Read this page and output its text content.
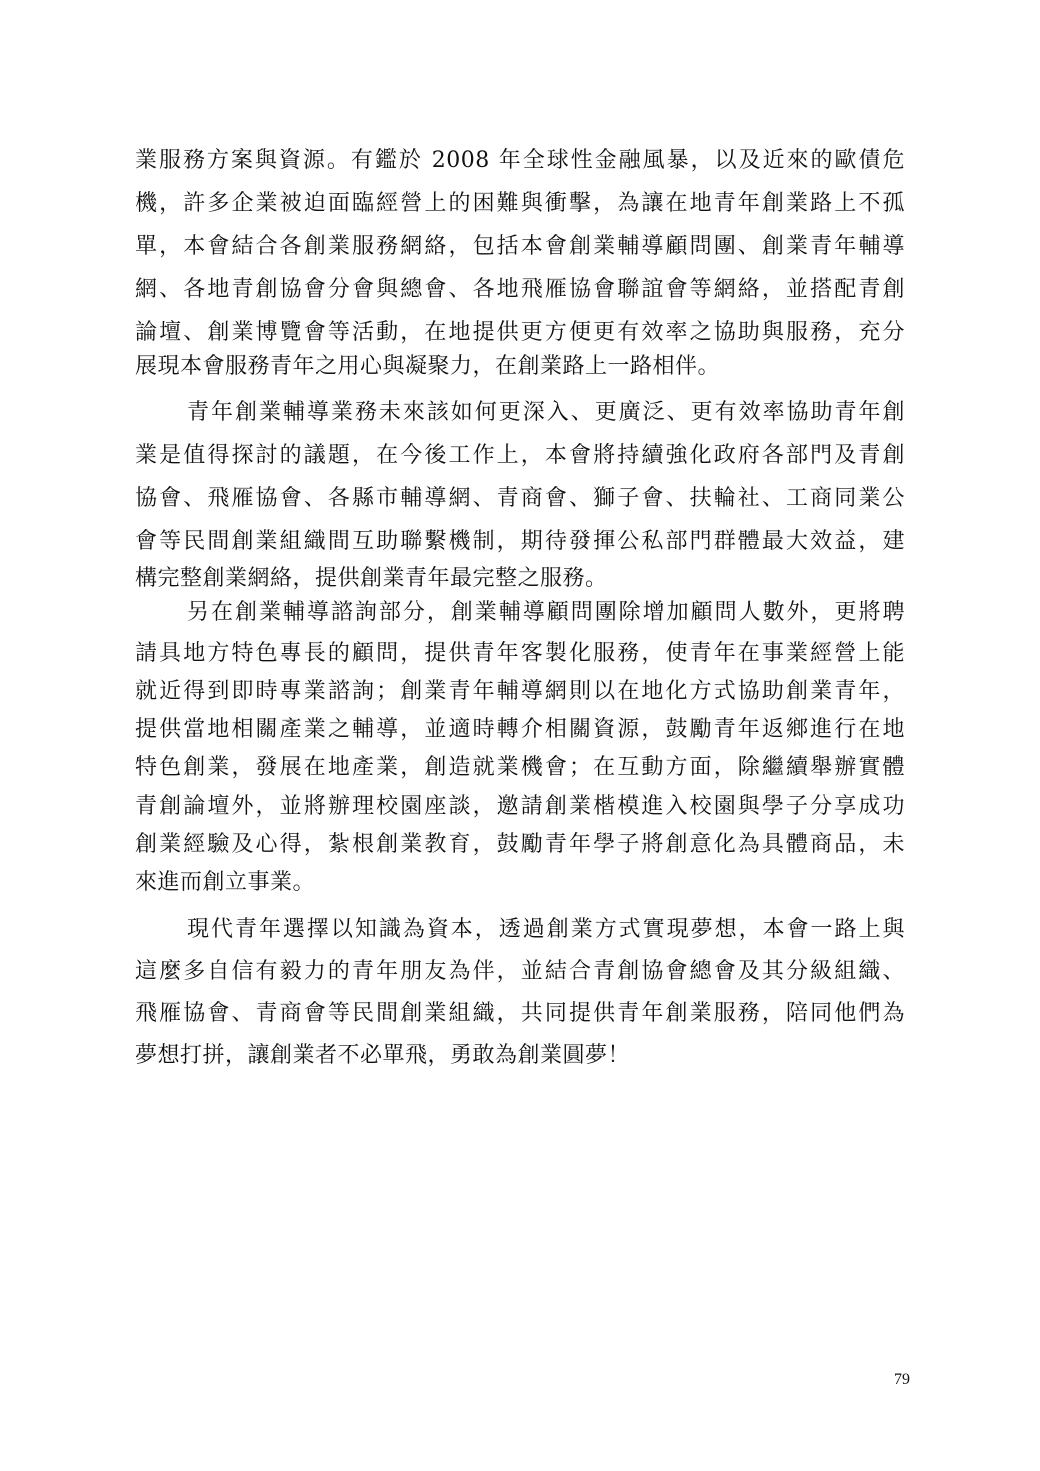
業服務方案與資源。有鑑於 2008 年全球性金融風暴，以及近來的歐債危

機，許多企業被迫面臨經營上的困難與衝擊，為讓在地青年創業路上不孤

單，本會結合各創業服務網絡，包括本會創業輔導顧問團、創業青年輔導

網、各地青創協會分會與總會、各地飛雁協會聯誼會等網絡，並搭配青創

論壇、創業博覽會等活動，在地提供更方便更有效率之協助與服務，充分

展現本會服務青年之用心與凝聚力，在創業路上一路相伴。

青年創業輔導業務未來該如何更深入、更廣泛、更有效率協助青年創

業是值得探討的議題，在今後工作上，本會將持續強化政府各部門及青創

協會、飛雁協會、各縣市輔導網、青商會、獅子會、扶輪社、工商同業公

會等民間創業組織間互助聯繫機制，期待發揮公私部門群體最大效益，建

構完整創業網絡，提供創業青年最完整之服務。

另在創業輔導諮詢部分，創業輔導顧問團除增加顧問人數外，更將聘

請具地方特色專長的顧問，提供青年客製化服務，使青年在事業經營上能

就近得到即時專業諮詢；創業青年輔導網則以在地化方式協助創業青年，

提供當地相關產業之輔導，並適時轉介相關資源，鼓勵青年返鄉進行在地

特色創業，發展在地產業，創造就業機會；在互動方面，除繼續舉辦實體

青創論壇外，並將辦理校園座談，邀請創業楷模進入校園與學子分享成功

創業經驗及心得，紮根創業教育，鼓勵青年學子將創意化為具體商品，未

來進而創立事業。

現代青年選擇以知識為資本，透過創業方式實現夢想，本會一路上與

這麼多自信有毅力的青年朋友為伴，並結合青創協會總會及其分級組織、

飛雁協會、青商會等民間創業組織，共同提供青年創業服務，陪同他們為

夢想打拼，讓創業者不必單飛，勇敢為創業圓夢！

79
